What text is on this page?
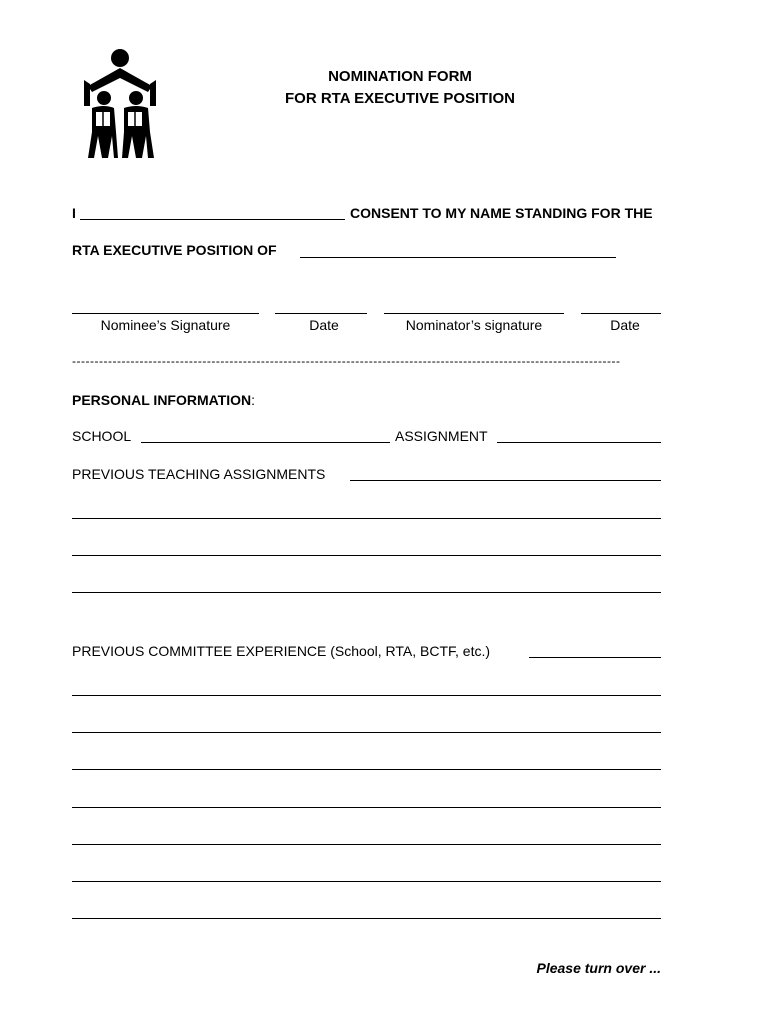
NOMINATION FORM
FOR RTA EXECUTIVE POSITION
I	CONSENT TO MY NAME STANDING FOR THE
RTA EXECUTIVE POSITION OF
Nominee’s Signature	Date	Nominator’s signature	Date
--------------------------------------------------------------------------------------------------------------------------
PERSONAL INFORMATION:
SCHOOL	ASSIGNMENT
PREVIOUS TEACHING ASSIGNMENTS
PREVIOUS COMMITTEE EXPERIENCE (School, RTA, BCTF, etc.)
Please turn over ...
